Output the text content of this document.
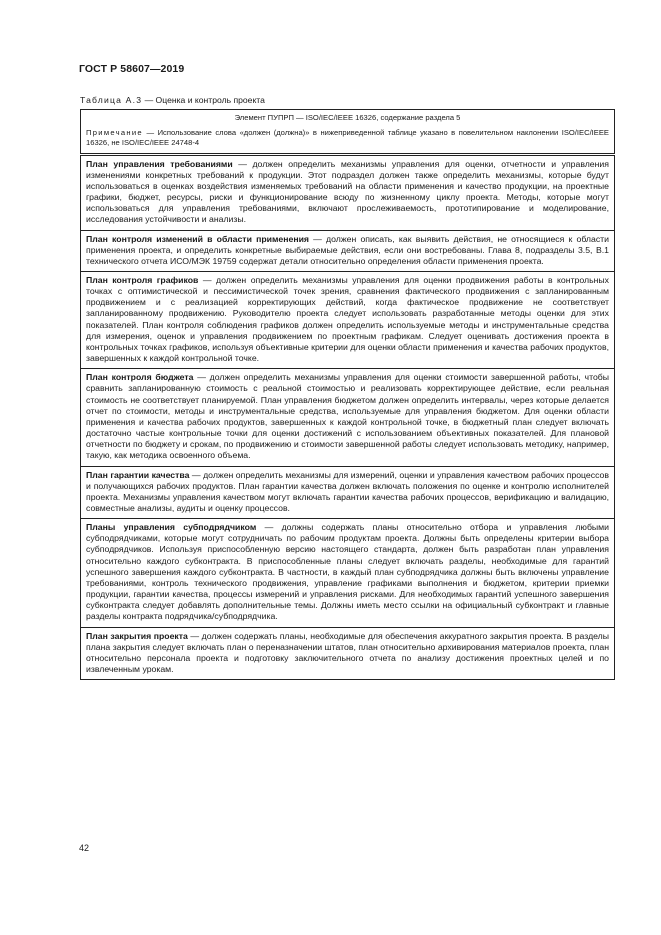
ГОСТ Р 58607—2019
Таблица А.3 — Оценка и контроль проекта
Элемент ПУПРП — ISO/IEC/IEEE 16326, содержание раздела 5
Примечание — Использование слова «должен (должна)» в нижеприведенной таблице указано в повелительном наклонении ISO/IEC/IEEE 16326, не ISO/IEC/IEEE 24748-4

План управления требованиями — должен определить механизмы управления для оценки, отчетности и управления изменениями конкретных требований к продукции. Этот подраздел должен также определить механизмы, которые будут использоваться в оценках воздействия изменяемых требований на области применения и качество продукции, на проектные графики, бюджет, ресурсы, риски и функционирование всюду по жизненному циклу проекта. Методы, которые могут использоваться для управления требованиями, включают прослеживаемость, прототипирование и моделирование, исследования устойчивости и анализы.
План контроля изменений в области применения — должен описать, как выявить действия, не относящиеся к области применения проекта, и определить конкретные выбираемые действия, если они востребованы. Глава 8, подразделы 3.5, В.1 технического отчета ИСО/МЭК 19759 содержат детали относительно определения области применения проекта.
План контроля графиков — должен определить механизмы управления для оценки продвижения работы в контрольных точках с оптимистической и пессимистической точек зрения, сравнения фактического продвижения с запланированным продвижением и с реализацией корректирующих действий, когда фактическое продвижение не соответствует запланированному продвижению. Руководителю проекта следует использовать разработанные методы оценки для этих показателей. План контроля соблюдения графиков должен определить используемые методы и инструментальные средства для измерения, оценок и управления продвижением по проектным графикам. Следует оценивать достижения проекта в контрольных точках графиков, используя объективные критерии для оценки области применения и качества рабочих продуктов, завершенных к каждой контрольной точке.
План контроля бюджета — должен определить механизмы управления для оценки стоимости завершенной работы, чтобы сравнить запланированную стоимость с реальной стоимостью и реализовать корректирующее действие, если реальная стоимость не соответствует планируемой. План управления бюджетом должен определить интервалы, через которые делается отчет по стоимости, методы и инструментальные средства, используемые для управления бюджетом. Для оценки области применения и качества рабочих продуктов, завершенных к каждой контрольной точке, в бюджетный план следует включать достаточно частые контрольные точки для оценки достижений с использованием объективных показателей. Для плановой отчетности по бюджету и срокам, по продвижению и стоимости завершенной работы следует использовать методику, например, такую, как методика освоенного объема.
План гарантии качества — должен определить механизмы для измерений, оценки и управления качеством рабочих процессов и получающихся рабочих продуктов. План гарантии качества должен включать положения по оценке и контролю исполнителей проекта. Механизмы управления качеством могут включать гарантии качества рабочих процессов, верификацию и валидацию, совместные анализы, аудиты и оценку процессов.
Планы управления субподрядчиком — должны содержать планы относительно отбора и управления любыми субподрядчиками, которые могут сотрудничать по рабочим продуктам проекта. Должны быть определены критерии выбора субподрядчиков. Используя приспособленную версию настоящего стандарта, должен быть разработан план управления относительно каждого субконтракта. В приспособленные планы следует включать разделы, необходимые для гарантий успешного завершения каждого субконтракта. В частности, в каждый план субподрядчика должны быть включены управление требованиями, контроль технического продвижения, управление графиками выполнения и бюджетом, критерии приемки продукции, гарантии качества, процессы измерений и управления рисками. Для необходимых гарантий успешного завершения субконтракта следует добавлять дополнительные темы. Должны иметь место ссылки на официальный субконтракт и главные разделы контракта подрядчика/субподрядчика.
План закрытия проекта — должен содержать планы, необходимые для обеспечения аккуратного закрытия проекта. В разделы плана закрытия следует включать план о переназначении штатов, план относительно архивирования материалов проекта, план относительно персонала проекта и подготовку заключительного отчета по анализу достижения проектных целей и по извлеченным урокам.
42
